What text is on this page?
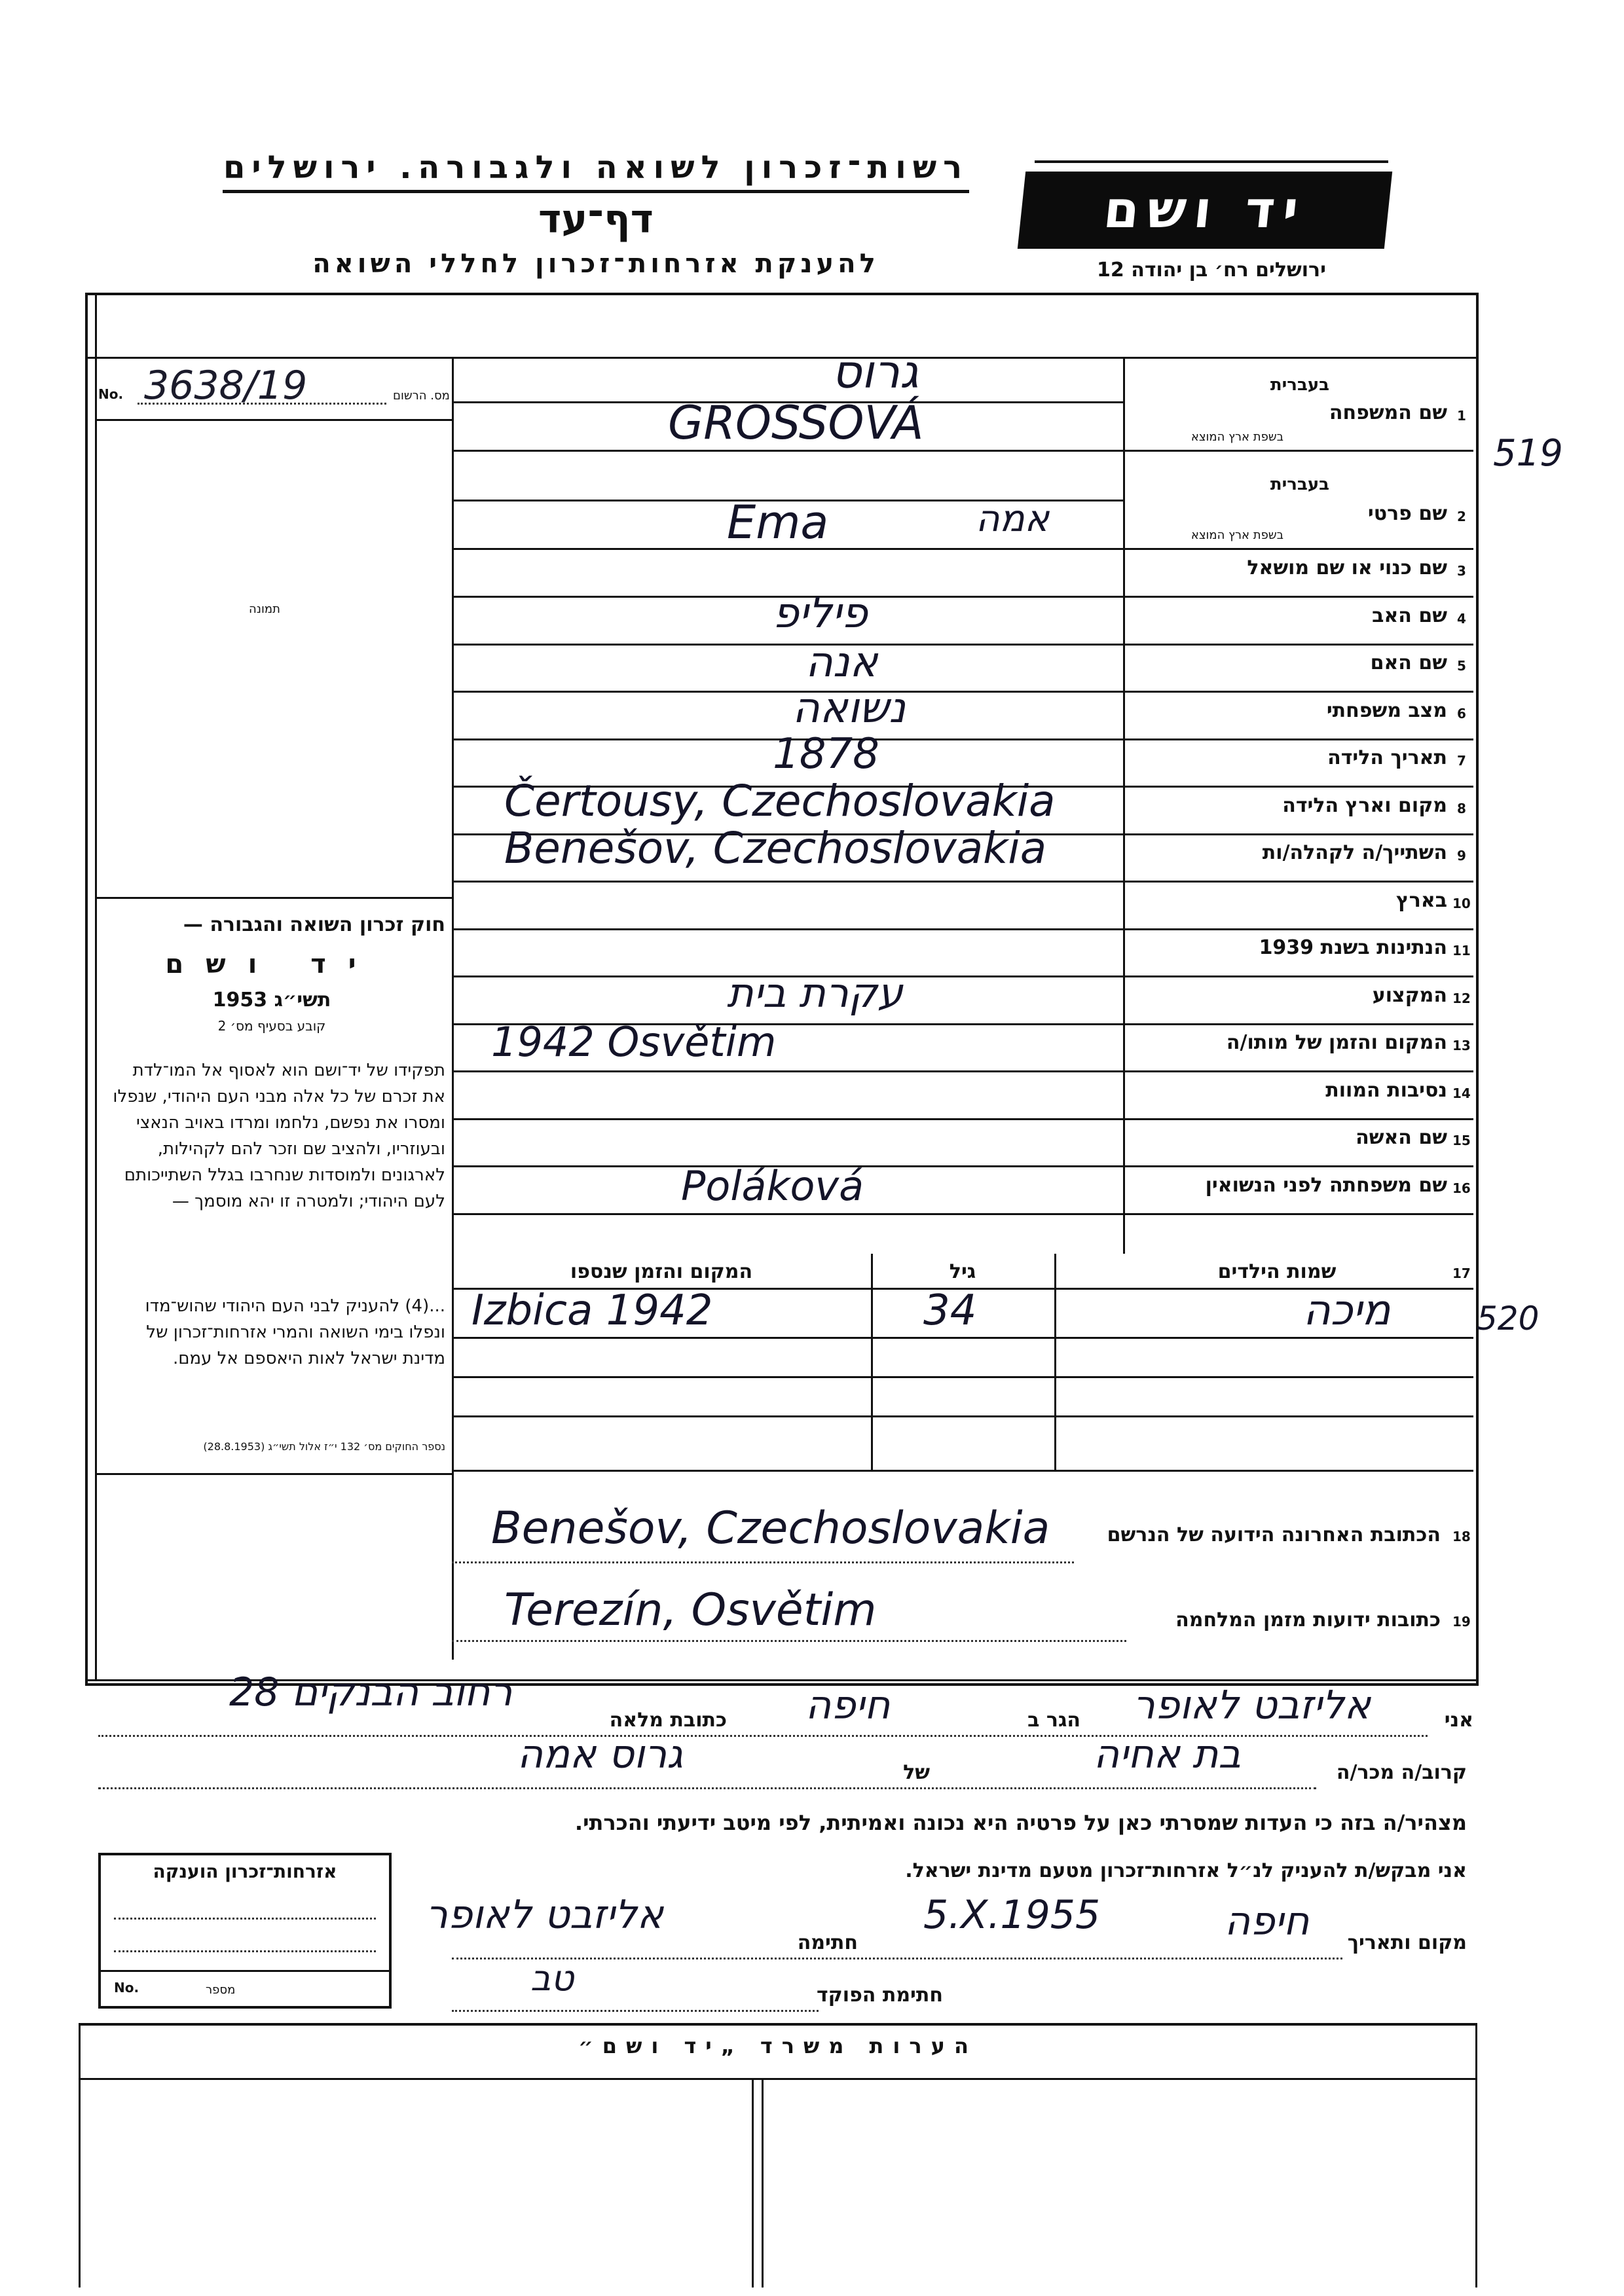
רשות־זכרון לשואה ולגבורה. ירושלים
דף־עד
להענקת אזרחות־זכרון לחללי השואה
יד ושם
ירושלים רח׳ בן יהודה 12
No. 3638/19	מס. הרשום
תמונה
חוק זכרון השואה והגבורה —
יד ושם
תשי״ג 1953
קובע בסעיף מס׳ 2
תפקידו של יד־ושם הוא לאסוף אל המו־לדת את זכרם של כל אלה מבני העם היהודי, שנפלו ומסרו את נפשם, נלחמו ומרדו באויב הנאצי ובעוזריו, ולהציב שם וזכר להם לקהילות, לארגונים ולמוסדות שנחרבו בגלל השתייכותם לעם היהודי; ולמטרה זו יהא מוסמך —
...(4) להעניק לבני העם היהודי שהוש־מדו ונפלו בימי השואה והמרי אזרחות־זכרון של מדינת ישראל לאות היאספם אל עמם.
נספר החוקים מס׳ 132 י״ז אלול תשי״ג (28.8.1953)
1
שם המשפחה
בעברית
בשפת ארץ המוצא
גרוס
GROSSOVÁ
2
שם פרטי
בעברית
בשפת ארץ המוצא
אמה
Ema
3
שם כנוי או שם מושאל
4
שם האב
פיליפ
5
שם האם
אנה
6
מצב משפחתי
נשואה
7
תאריך הלידה
1878
8
מקום וארץ הלידה
Čertousy, Czechoslovakia
9
השתייך/ה לקהלה/ות
Benešov, Czechoslovakia
10
בארץ
11
הנתינות בשנת 1939
12
המקצוע
עקרת בית
13
המקום והזמן של מותו/ה
1942 Osvětim
14
נסיבות המוות
15
שם האשה
16
שם משפחתה לפני הנשואין
Poláková
17
שמות הילדים
גיל
המקום והזמן שנספו
מיכה
34
Izbica 1942
18
הכתובת האחרונה הידועה של הנרשם
Benešov, Czechoslovakia
19
כתובות ידועות מזמן המלחמה
Terezín, Osvětim
אני
אליזבט לאופר
הגר ב
חיפה
כתובת מלאה
רחוב הבנקים 28
קרוב/ה מכר/ה
בת אחיה
של
גרוס אמה
מצהיר/ה בזה כי העדות שמסרתי כאן על פרטיה היא נכונה ואמיתית, לפי מיטב ידיעתי והכרתי.
אני מבקש/ת להעניק לנ״ל אזרחות־זכרון מטעם מדינת ישראל.
מקום ותאריך
חיפה
5.X.1955
חתימה
אליזבט לאופר
חתימת הפוקד
טב
אזרחות־זכרון הוענקה
No.	מספר
הערות משרד „יד ושם״
519
520
